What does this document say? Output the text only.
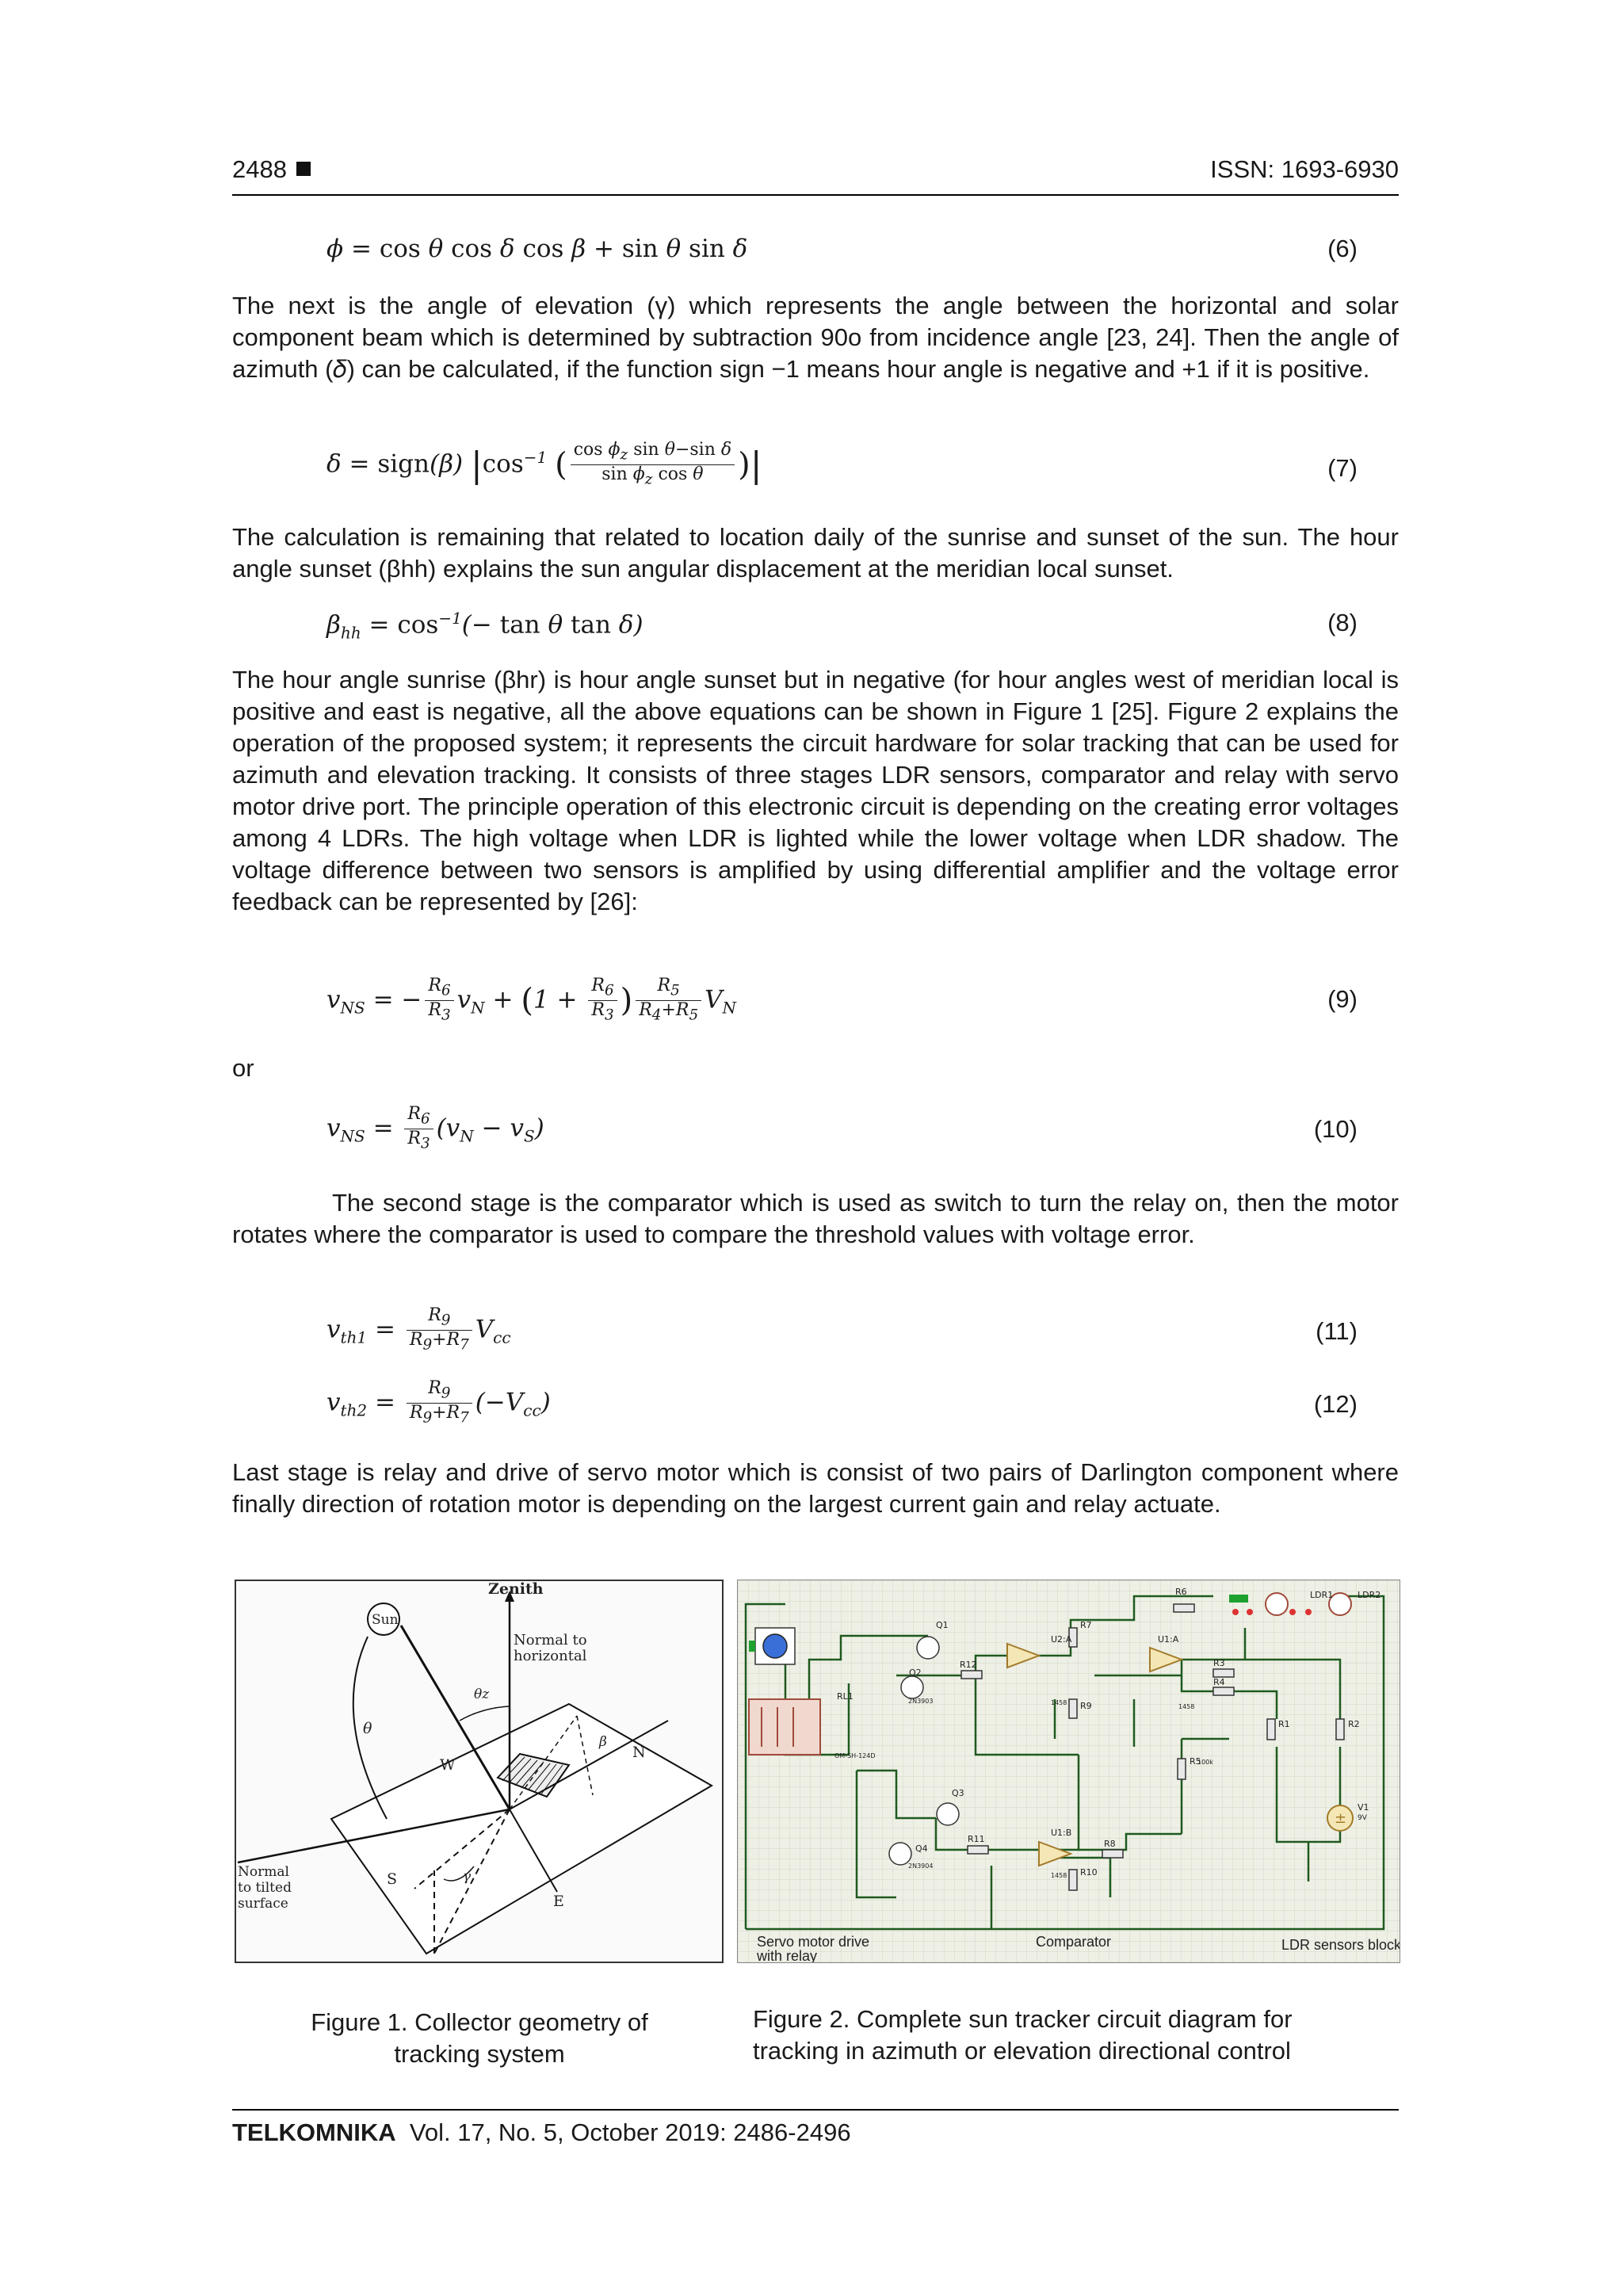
2488	ISSN: 1693-6930
𝜙 = cos 𝜃 cos 𝛿 cos 𝛽 + sin 𝜃 sin 𝛿	(6)
The next is the angle of elevation (γ) which represents the angle between the horizontal and solar component beam which is determined by subtraction 90o from incidence angle [23, 24]. Then the angle of azimuth (𝛿) can be calculated, if the function sign −1 means hour angle is negative and +1 if it is positive.
𝛿 = sign(𝛽) $|\cos^{-1}$ ( $\frac{\cos 𝜙_𝑧 \sin 𝜃-\sin 𝛿}{\sin 𝜙_𝑧 \cos 𝜃}$ )|	(7)
The calculation is remaining that related to location daily of the sunrise and sunset of the sun. The hour angle sunset (βhh) explains the sun angular displacement at the meridian local sunset.
𝛽$_{ℎℎ}$ = $\cos^{-1}(- \tan$ 𝜃 tan 𝛿)	(8)
The hour angle sunrise (βhr) is hour angle sunset but in negative (for hour angles west of meridian local is positive and east is negative, all the above equations can be shown in Figure 1 [25]. Figure 2 explains the operation of the proposed system; it represents the circuit hardware for solar tracking that can be used for azimuth and elevation tracking. It consists of three stages LDR sensors, comparator and relay with servo motor drive port. The principle operation of this electronic circuit is depending on the creating error voltages among 4 LDRs. The high voltage when LDR is lighted while the lower voltage when LDR shadow. The voltage difference between two sensors is amplified by using differential amplifier and the voltage error feedback can be represented by [26]:
𝑣$_{𝑁𝑆}$ = − $\frac{𝑅_6}{𝑅_3}$ 𝑣$_𝑁$ + ($1 + \frac{𝑅_6}{𝑅_3}$ ) $\frac{𝑅_5}{𝑅_4+𝑅_5}$ 𝑉$_𝑁$	(9)
or
𝑣$_{𝑁𝑆}$ = $\frac{𝑅_6}{𝑅_3}$ (𝑣$_𝑁$ − 𝑣$_𝑆$)	(10)
The second stage is the comparator which is used as switch to turn the relay on, then the motor rotates where the comparator is used to compare the threshold values with voltage error.
𝑣$_{𝑡ℎ1}$ = $\frac{𝑅_9}{𝑅_9+𝑅_7}$ 𝑉$_{𝑐𝑐}$	(11)
𝑣$_{𝑡ℎ2}$ = $\frac{𝑅_9}{𝑅_9+𝑅_7}$ (−𝑉$_{𝑐𝑐}$)	(12)
Last stage is relay and drive of servo motor which is consist of two pairs of Darlington component where finally direction of rotation motor is depending on the largest current gain and relay actuate.
Zenith
Sun
Normal to
horizontal
θz
θ
W
N
β
S
E
γ
Normal
to tilted
surface
±
R6	LDR2
LDR1
Q1	R7
U2:A	U1:A
R3
R4
Q2
R12
R9
RL1
R1	R2
R5
Q3
U1:B
V1
9V
Q4
R11	R8
R10
2N3903
2N3904
1458
1458
1458
100k
OM-SH-124D
Servo motor drive
with relay
Comparator	LDR sensors block
Figure 1. Collector geometry of
tracking system
Figure 2. Complete sun tracker circuit diagram for
tracking in azimuth or elevation directional control
TELKOMNIKA Vol. 17, No. 5, October 2019: 2486-2496
